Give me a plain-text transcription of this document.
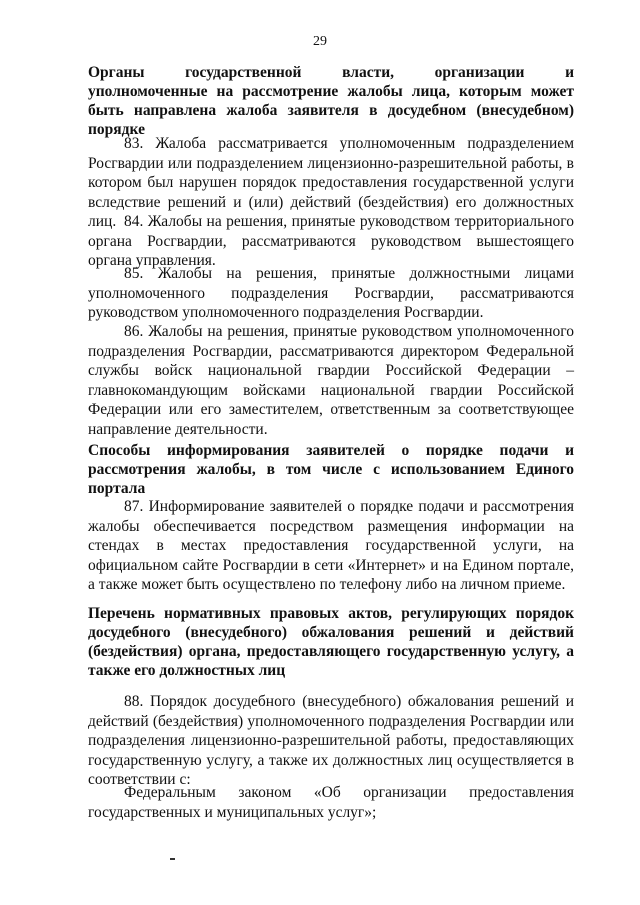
29
Органы государственной власти, организации и
уполномоченные на рассмотрение жалобы лица, которым может быть направлена жалоба заявителя в досудебном (внесудебном) порядке

83. Жалоба рассматривается уполномоченным подразделением Росгвардии или подразделением лицензионно-разрешительной работы, в котором был нарушен порядок предоставления государственной услуги вследствие решений и (или) действий (бездействия) его должностных лиц. 84. Жалобы на решения, принятые руководством территориального органа Росгвардии, рассматриваются руководством вышестоящего органа управления.

85. Жалобы на решения, принятые должностными лицами уполномоченного подразделения Росгвардии, рассматриваются руководством уполномоченного подразделения Росгвардии.

86. Жалобы на решения, принятые руководством уполномоченного подразделения Росгвардии, рассматриваются директором Федеральной службы войск национальной гвардии Российской Федерации – главнокомандующим войсками национальной гвардии Российской Федерации или его заместителем, ответственным за соответствующее направление деятельности.

Способы информирования заявителей о порядке подачи и рассмотрения жалобы, в том числе с использованием Единого портала

87. Информирование заявителей о порядке подачи и рассмотрения жалобы обеспечивается посредством размещения информации на стендах в местах предоставления государственной услуги, на официальном сайте Росгвардии в сети «Интернет» и на Едином портале, а также может быть осуществлено по телефону либо на личном приеме.

Перечень нормативных правовых актов, регулирующих порядок досудебного (внесудебного) обжалования решений и действий (бездействия) органа, предоставляющего государственную услугу, а также его должностных лиц

88. Порядок досудебного (внесудебного) обжалования решений и действий (бездействия) уполномоченного подразделения Росгвардии или подразделения лицензионно-разрешительной работы, предоставляющих государственную услугу, а также их должностных лиц осуществляется в соответствии с:

Федеральным законом «Об организации предоставления государственных и муниципальных услуг»;
